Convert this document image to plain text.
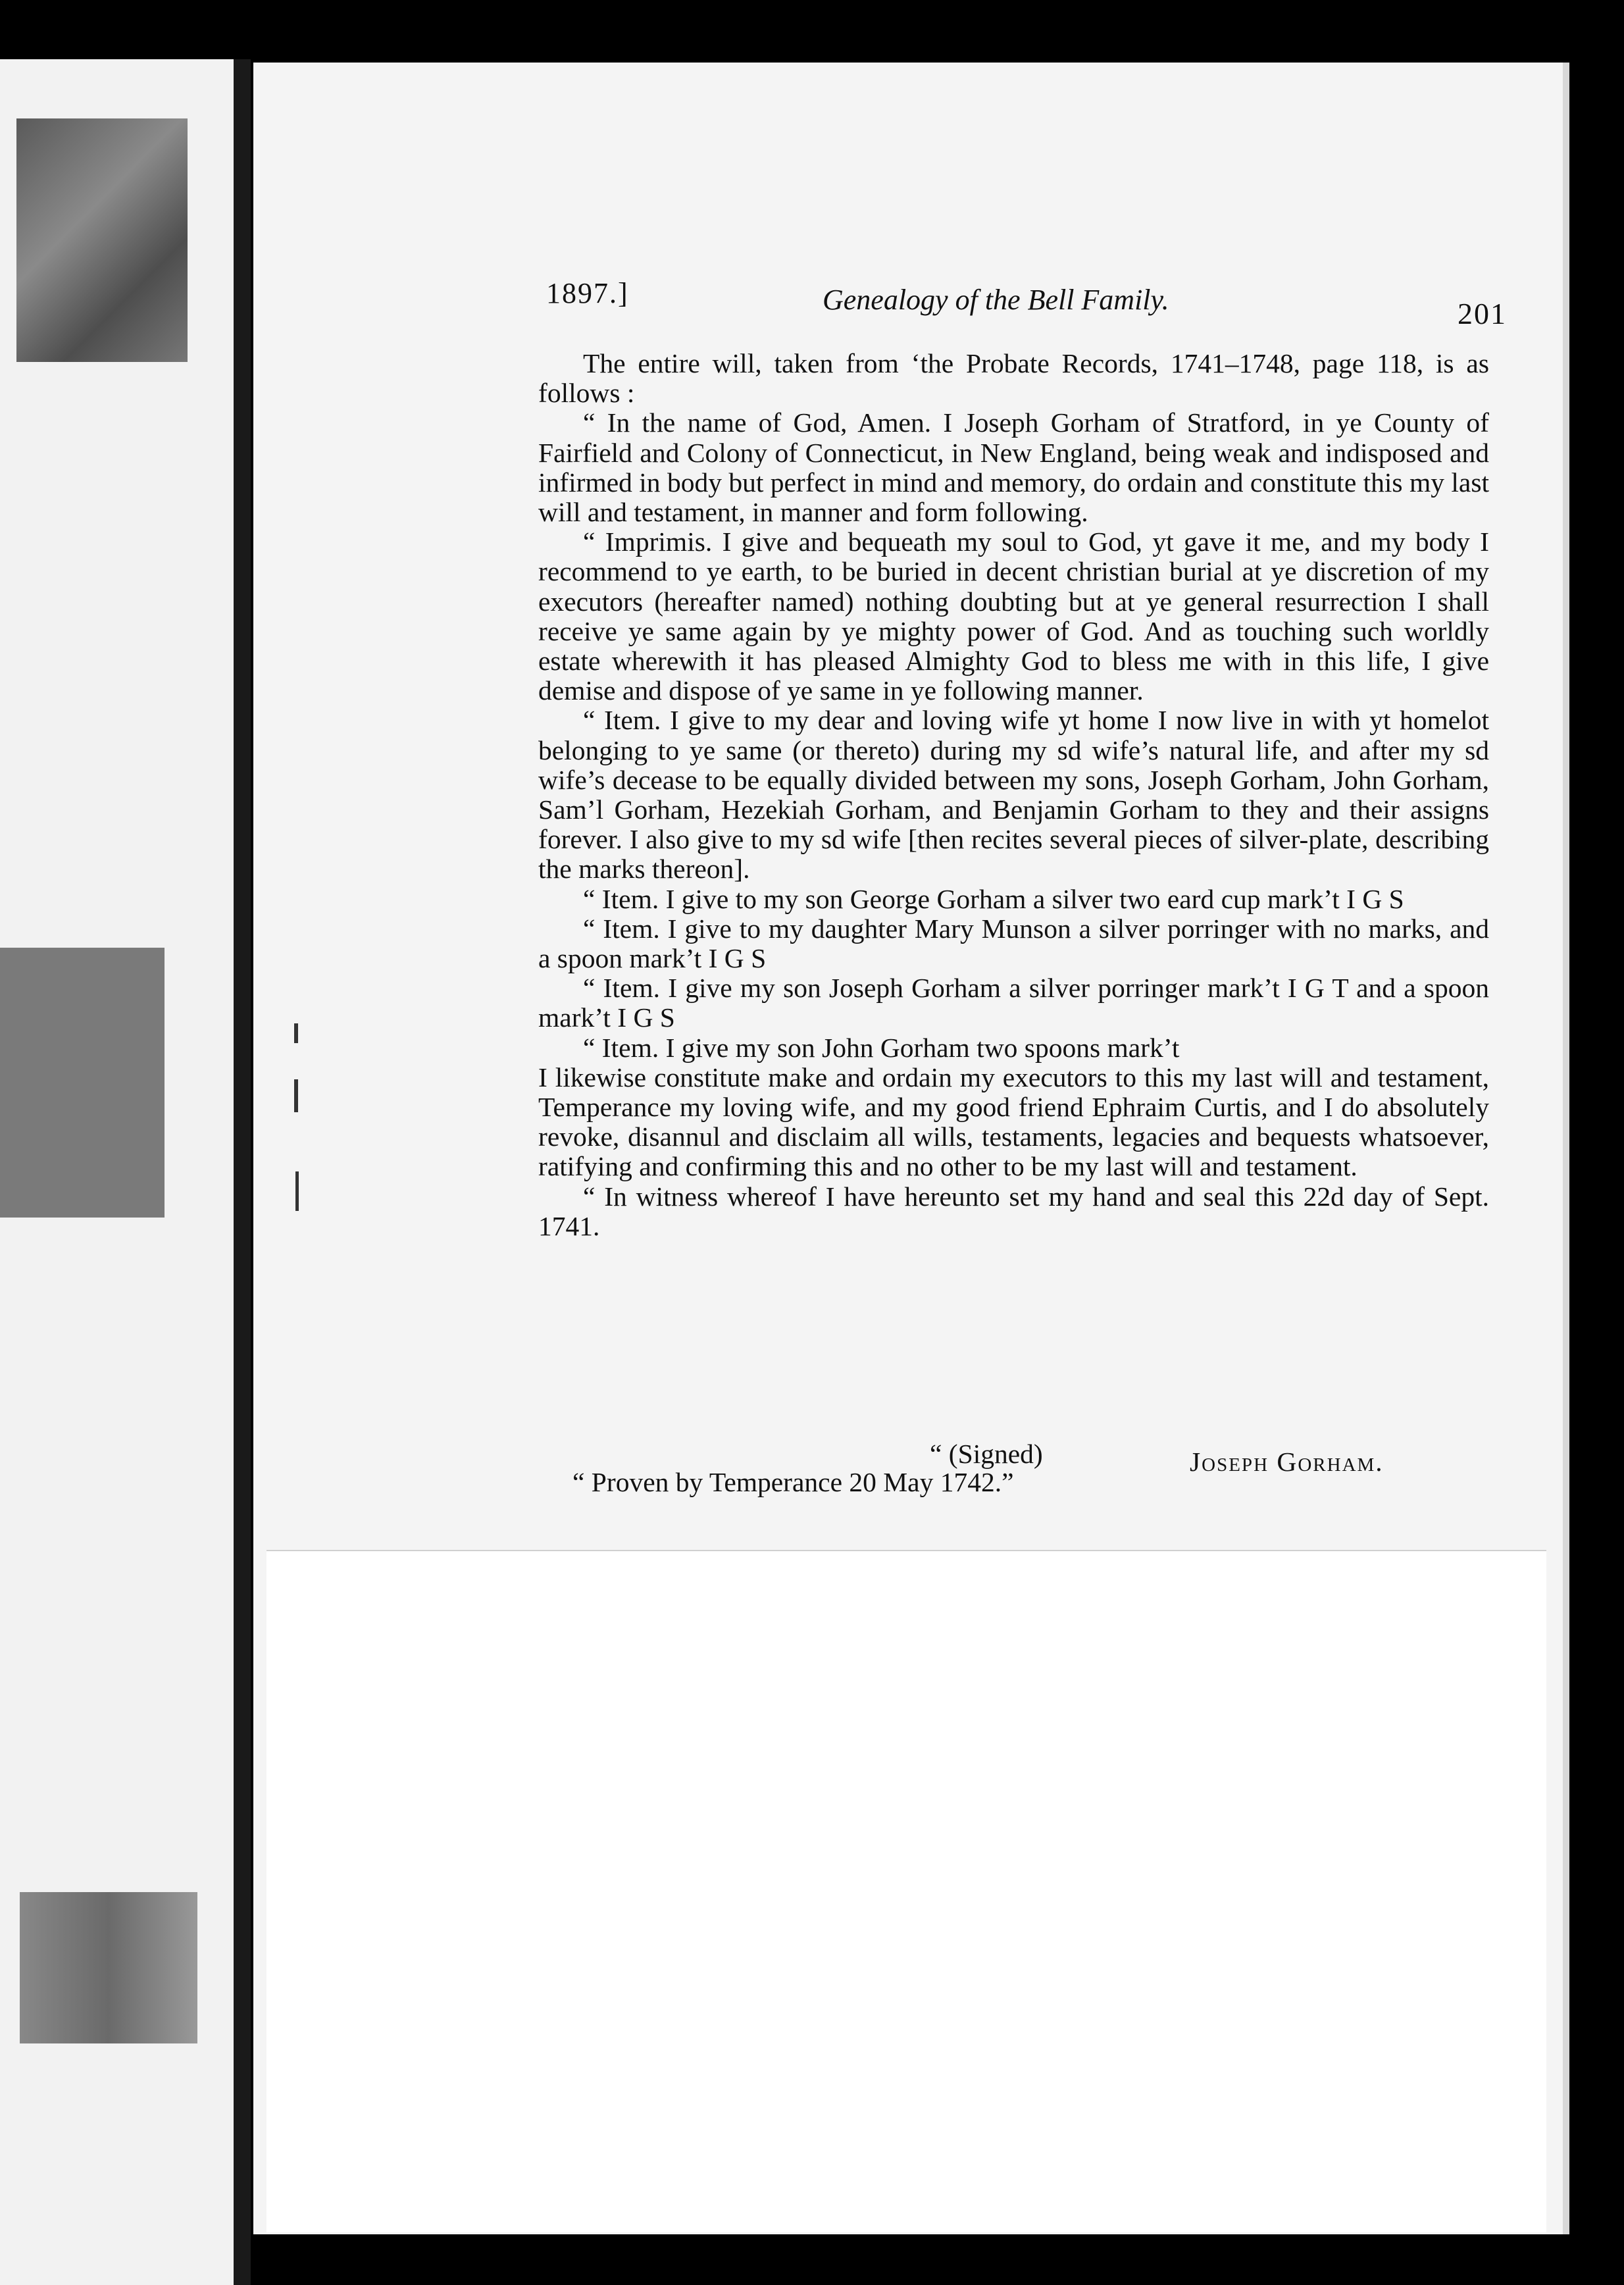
1897.]	Genealogy of the Bell Family.	201

The entire will, taken from ‘the Probate Records, 1741–1748, page 118, is as follows :

“ In the name of God, Amen. I Joseph Gorham of Stratford, in ye County of Fairfield and Colony of Connecticut, in New England, being weak and indisposed and infirmed in body but perfect in mind and memory, do ordain and constitute this my last will and testament, in manner and form following.

“ Imprimis. I give and bequeath my soul to God, yt gave it me, and my body I recommend to ye earth, to be buried in decent christian burial at ye discretion of my executors (hereafter named) nothing doubting but at ye general resurrection I shall receive ye same again by ye mighty power of God. And as touching such worldly estate wherewith it has pleased Almighty God to bless me with in this life, I give demise and dispose of ye same in ye following manner.

“ Item. I give to my dear and loving wife yt home I now live in with yt homelot belonging to ye same (or thereto) during my sd wife’s natural life, and after my sd wife’s decease to be equally divided between my sons, Joseph Gorham, John Gorham, Sam’l Gorham, Hezekiah Gorham, and Benjamin Gorham to they and their assigns forever. I also give to my sd wife [then recites several pieces of silver-plate, describing the marks thereon].

“ Item. I give to my son George Gorham a silver two eard cup mark’t I G S

“ Item. I give to my daughter Mary Munson a silver porringer with no marks, and a spoon mark’t I G S

“ Item. I give my son Joseph Gorham a silver porringer mark’t I G T and a spoon mark’t I G S

“ Item. I give my son John Gorham two spoons mark’t

I likewise constitute make and ordain my executors to this my last will and testament, Temperance my loving wife, and my good friend Ephraim Curtis, and I do absolutely revoke, disannul and disclaim all wills, testaments, legacies and bequests whatsoever, ratifying and confirming this and no other to be my last will and testament.

“ In witness whereof I have hereunto set my hand and seal this 22d day of Sept. 1741.

“ (Signed)	Joseph Gorham.
“ Proven by Temperance 20 May 1742.”
